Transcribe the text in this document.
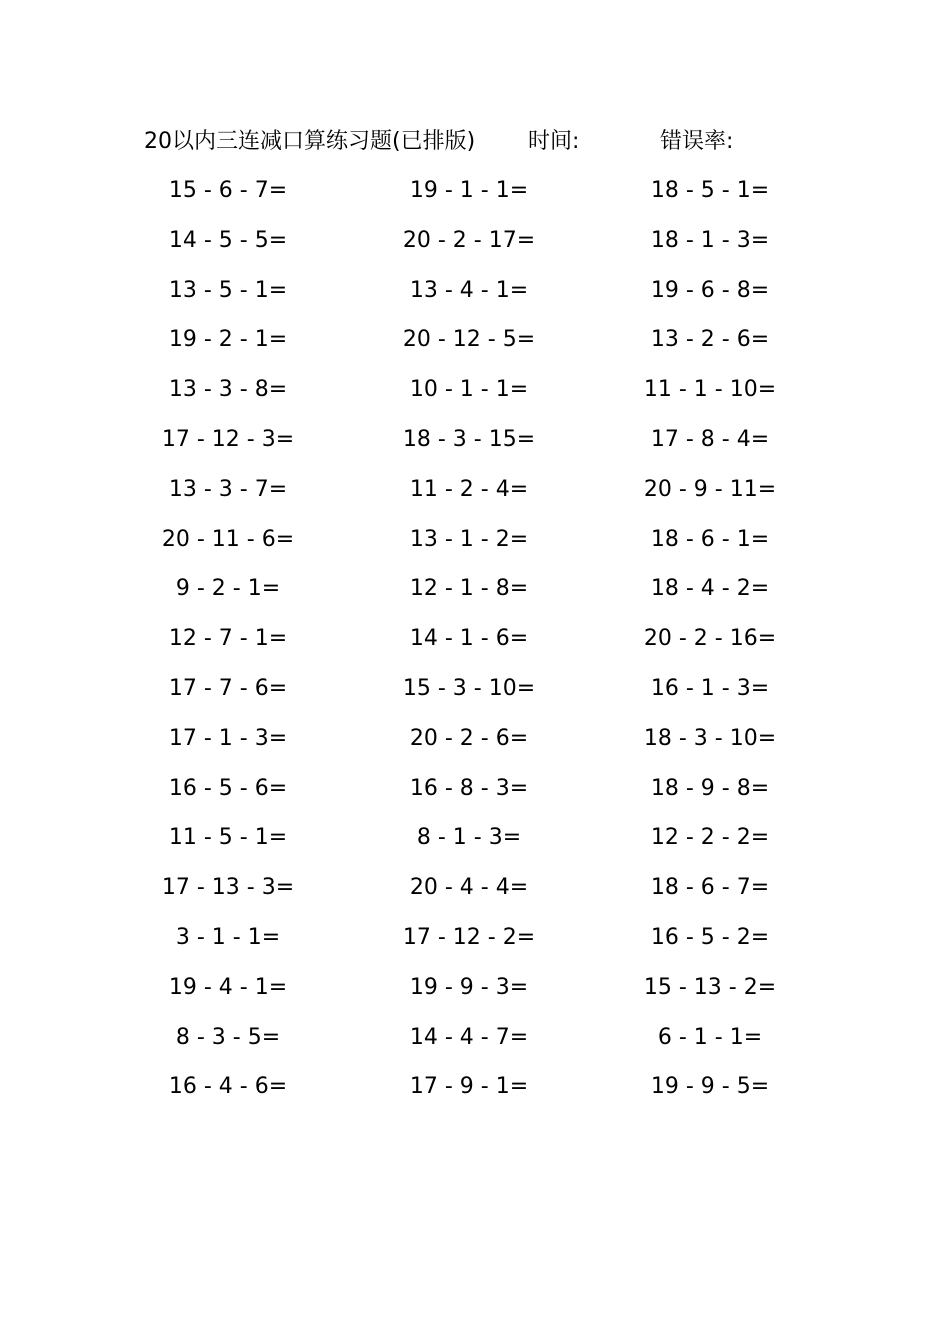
20以内三连减口算练习题(已排版) 时间:	错误率:
15 - 6 - 7=	19 - 1 - 1=	18 - 5 - 1=
14 - 5 - 5=	20 - 2 - 17=	18 - 1 - 3=
13 - 5 - 1=	13 - 4 - 1=	19 - 6 - 8=
19 - 2 - 1=	20 - 12 - 5=	13 - 2 - 6=
13 - 3 - 8=	10 - 1 - 1=	11 - 1 - 10=
17 - 12 - 3=	18 - 3 - 15=	17 - 8 - 4=
13 - 3 - 7=	11 - 2 - 4=	20 - 9 - 11=
20 - 11 - 6=	13 - 1 - 2=	18 - 6 - 1=
9 - 2 - 1=	12 - 1 - 8=	18 - 4 - 2=
12 - 7 - 1=	14 - 1 - 6=	20 - 2 - 16=
17 - 7 - 6=	15 - 3 - 10=	16 - 1 - 3=
17 - 1 - 3=	20 - 2 - 6=	18 - 3 - 10=
16 - 5 - 6=	16 - 8 - 3=	18 - 9 - 8=
11 - 5 - 1=	8 - 1 - 3=	12 - 2 - 2=
17 - 13 - 3=	20 - 4 - 4=	18 - 6 - 7=
3 - 1 - 1=	17 - 12 - 2=	16 - 5 - 2=
19 - 4 - 1=	19 - 9 - 3=	15 - 13 - 2=
8 - 3 - 5=	14 - 4 - 7=	6 - 1 - 1=
16 - 4 - 6=	17 - 9 - 1=	19 - 9 - 5=
